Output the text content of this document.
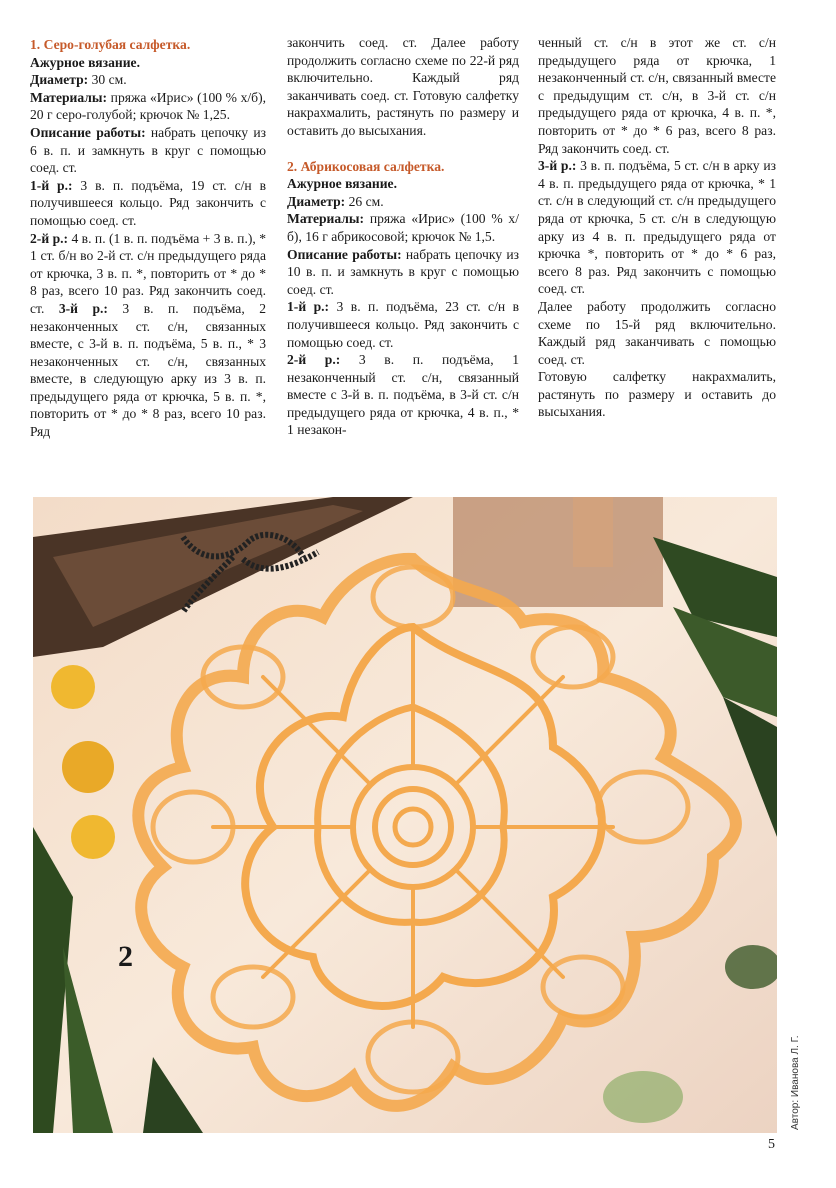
1. Серо-голубая салфетка.

Ажурное вязание.

Диаметр: 30 см.

Материалы: пряжа «Ирис» (100 % х/б), 20 г серо-голубой; крючок № 1,25.

Описание работы: набрать цепочку из 6 в. п. и замкнуть в круг с помощью соед. ст.

1-й р.: 3 в. п. подъёма, 19 ст. с/н в получившееся кольцо. Ряд закончить с помощью соед. ст.

2-й р.: 4 в. п. (1 в. п. подъёма + 3 в. п.), * 1 ст. б/н во 2-й ст. с/н предыдущего ряда от крючка, 3 в. п. *, повторить от * до * 8 раз, всего 10 раз. Ряд закончить соед. ст. 3-й р.: 3 в. п. подъёма, 2 незаконченных ст. с/н, связанных вместе, с 3-й в. п. подъёма, 5 в. п., * 3 незаконченных ст. с/н, связанных вместе, в следующую арку из 3 в. п. предыдущего ряда от крючка, 5 в. п. *, повторить от * до * 8 раз, всего 10 раз. Ряд

закончить соед. ст. Далее работу продолжить согласно схеме по 22-й ряд включительно. Каждый ряд заканчивать соед. ст. Готовую салфетку накрахмалить, растянуть по размеру и оставить до высыхания.

2. Абрикосовая салфетка.

Ажурное вязание.

Диаметр: 26 см.

Материалы: пряжа «Ирис» (100 % х/б), 16 г абрикосовой; крючок № 1,5.

Описание работы: набрать цепочку из 10 в. п. и замкнуть в круг с помощью соед. ст.

1-й р.: 3 в. п. подъёма, 23 ст. с/н в получившееся кольцо. Ряд закончить с помощью соед. ст.

2-й р.: 3 в. п. подъёма, 1 незаконченный ст. с/н, связанный вместе с 3-й в. п. подъёма, в 3-й ст. с/н предыдущего ряда от крючка, 4 в. п., * 1 незакон-

ченный ст. с/н в этот же ст. с/н предыдущего ряда от крючка, 1 незаконченный ст. с/н, связанный вместе с предыдущим ст. с/н, в 3-й ст. с/н предыдущего ряда от крючка, 4 в. п. *, повторить от * до * 6 раз, всего 8 раз. Ряд закончить соед. ст.

3-й р.: 3 в. п. подъёма, 5 ст. с/н в арку из 4 в. п. предыдущего ряда от крючка, * 1 ст. с/н в следующий ст. с/н предыдущего ряда от крючка, 5 ст. с/н в следующую арку из 4 в. п. предыдущего ряда от крючка *, повторить от * до * 6 раз, всего 8 раз. Ряд закончить с помощью соед. ст.

Далее работу продолжить согласно схеме по 15-й ряд включительно. Каждый ряд заканчивать с помощью соед. ст.

Готовую салфетку накрахмалить, растянуть по размеру и оставить до высыхания.

2
Автор: Иванова Л. Г.
5
